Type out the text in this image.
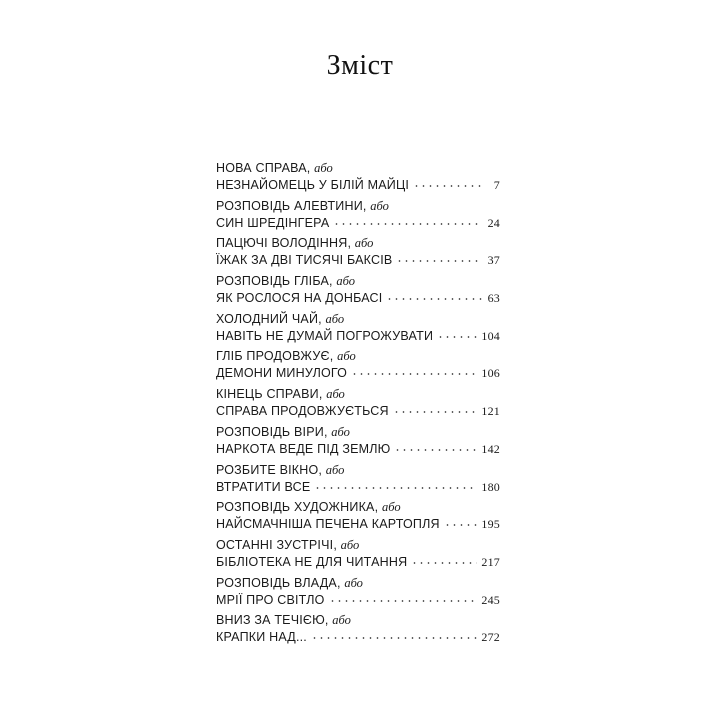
Зміст
НОВА СПРАВА, або
НЕЗНАЙОМЕЦЬ У БІЛІЙ МАЙЦІ	7
РОЗПОВІДЬ АЛЕВТИНИ, або
СИН ШРЕДІНГЕРА	24
ПАЦЮЧІ ВОЛОДІННЯ, або
ЇЖАК ЗА ДВІ ТИСЯЧІ БАКСІВ	37
РОЗПОВІДЬ ГЛІБА, або
ЯК РОСЛОСЯ НА ДОНБАСІ	63
ХОЛОДНИЙ ЧАЙ, або
НАВІТЬ НЕ ДУМАЙ ПОГРОЖУВАТИ	104
ГЛІБ ПРОДОВЖУЄ, або
ДЕМОНИ МИНУЛОГО	106
КІНЕЦЬ СПРАВИ, або
СПРАВА ПРОДОВЖУЄТЬСЯ	121
РОЗПОВІДЬ ВІРИ, або
НАРКОТА ВЕДЕ ПІД ЗЕМЛЮ	142
РОЗБИТЕ ВІКНО, або
ВТРАТИТИ ВСЕ	180
РОЗПОВІДЬ ХУДОЖНИКА, або
НАЙСМАЧНІША ПЕЧЕНА КАРТОПЛЯ	195
ОСТАННІ ЗУСТРІЧІ, або
БІБЛІОТЕКА НЕ ДЛЯ ЧИТАННЯ	217
РОЗПОВІДЬ ВЛАДА, або
МРІЇ ПРО СВІТЛО	245
ВНИЗ ЗА ТЕЧІЄЮ, або
КРАПКИ НАД...	272
